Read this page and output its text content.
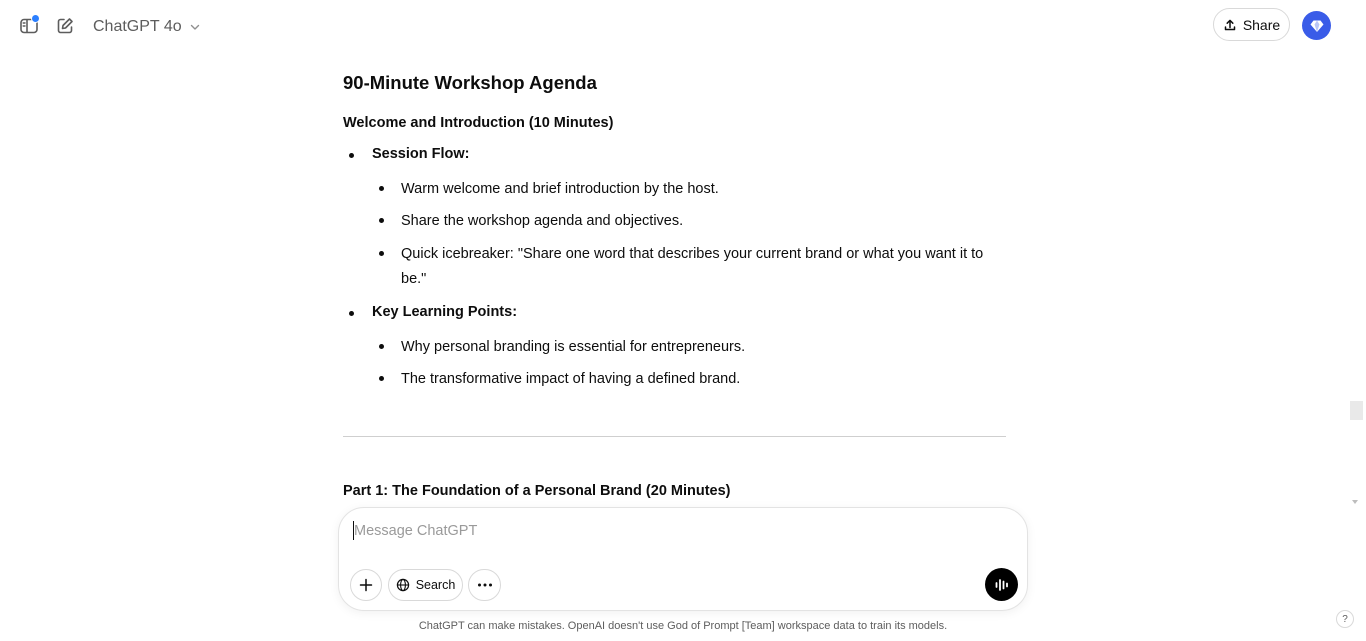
ChatGPT 4o	Share
90-Minute Workshop Agenda
Welcome and Introduction (10 Minutes)
Session Flow:
Warm welcome and brief introduction by the host.
Share the workshop agenda and objectives.
Quick icebreaker: "Share one word that describes your current brand or what you want it to be."
Key Learning Points:
Why personal branding is essential for entrepreneurs.
The transformative impact of having a defined brand.
Part 1: The Foundation of a Personal Brand (20 Minutes)
Message ChatGPT
Search
ChatGPT can make mistakes. OpenAI doesn't use God of Prompt [Team] workspace data to train its models.
?
